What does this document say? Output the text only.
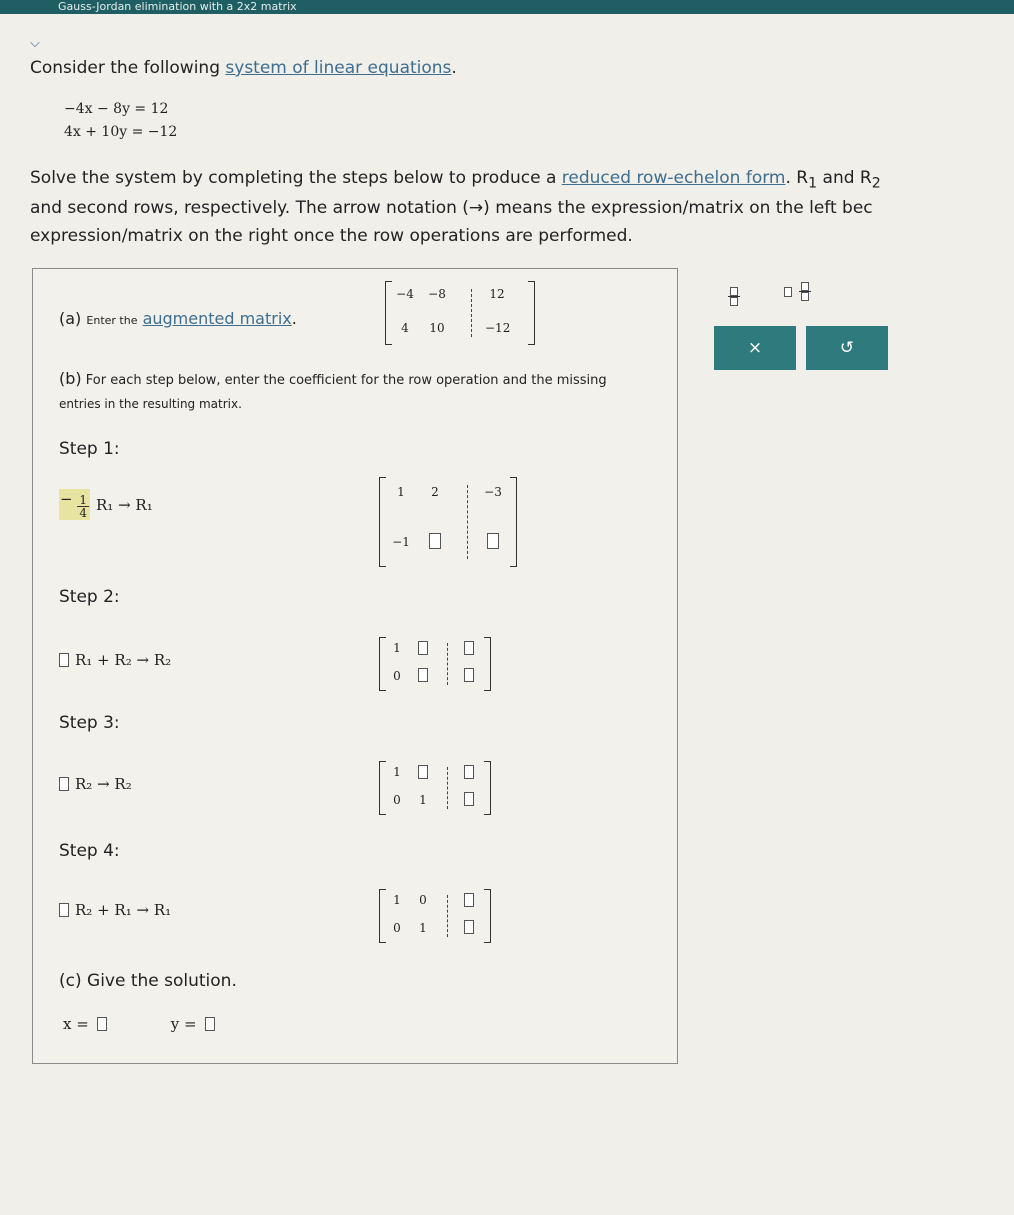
Gauss-Jordan elimination with a 2x2 matrix
⌵
Consider the following system of linear equations.
−4x − 8y = 12
4x + 10y = −12
Solve the system by completing the steps below to produce a reduced row-echelon form. $R_1$ and $R_2$
and second rows, respectively. The arrow notation (→) means the expression/matrix on the left bec
expression/matrix on the right once the row operations are performed.
(a) Enter the augmented matrix.
−4 −8	12
4	10	−12
(b) For each step below, enter the coefficient for the row operation and the missing
entries in the resulting matrix.
Step 1:
− $\frac{1}{4} R_1 \to R_1$
1	2	−3
−1
Step 2:
R₁ + R₂ → R₂
1
0
Step 3:
R₂ → R₂
1
0	1
Step 4:
R₂ + R₁ → R₁
1	0
0	1
(c) Give the solution.
x =	y =

×	↺
